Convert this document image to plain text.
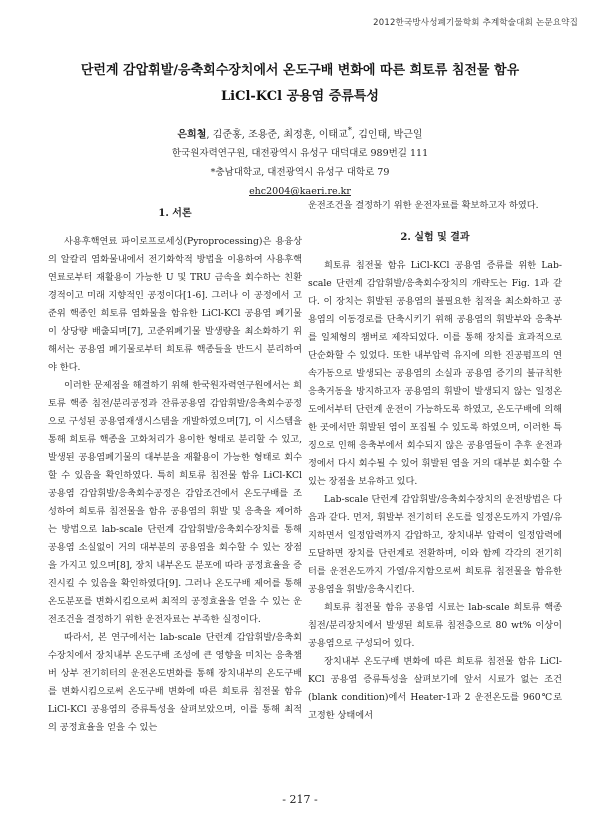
2012한국방사성폐기물학회 추계학술대회 논문요약집
단런계 감압휘발/응축회수장치에서 온도구배 변화에 따른 희토류 침전물 함유
LiCl-KCl 공용염 증류특성
은희철, 김준홍, 조용준, 최정훈, 이태교*, 김인태, 박근일
한국원자력연구원, 대전광역시 유성구 대덕대로 989번길 111
*충남대학교, 대전광역시 유성구 대학로 79
ehc2004@kaeri.re.kr

1. 서론

사용후핵연료 파이로프로세싱(Pyroprocessing)은 용융상의 알칼리 염화물내에서 전기화학적 방법을 이용하여 사용후핵연료로부터 재활용이 가능한 U 및 TRU 금속을 회수하는 친환경적이고 미래 지향적인 공정이다[1-6]. 그러나 이 공정에서 고준위 핵종인 희토류 염화물을 함유한 LiCl-KCl 공용염 폐기물이 상당량 배출되며[7], 고준위폐기물 발생량을 최소화하기 위해서는 공용염 폐기물로부터 희토류 핵종들을 반드시 분리하여야 한다.

이러한 문제점을 해결하기 위해 한국원자력연구원에서는 희토류 핵종 침전/분리공정과 잔류공용염 감압휘발/응축회수공정으로 구성된 공용염재생시스템을 개발하였으며[7], 이 시스템을 통해 희토류 핵종을 고화처리가 용이한 형태로 분리할 수 있고, 발생된 공용염폐기물의 대부분을 재활용이 가능한 형태로 회수할 수 있음을 확인하였다. 특히 희토류 침전물 함유 LiCl-KCl 공용염 감압휘발/응축회수공정은 감압조건에서 온도구배를 조성하여 희토류 침전물을 함유 공용염의 휘발 및 응축을 제어하는 방법으로 lab-scale 단런계 감압휘발/응축회수장치를 통해 공용염 소실없이 거의 대부분의 공용염을 회수할 수 있는 장점을 가지고 있으며[8], 장치 내부온도 분포에 따라 공정효율을 증진시킬 수 있음을 확인하였다[9]. 그러나 온도구배 제어를 통해 온도분포를 변화시킴으로써 최적의 공정효율을 얻을 수 있는 운전조건을 결정하기 위한 운전자료는 부족한 실정이다.

따라서, 본 연구에서는 lab-scale 단런계 감압휘발/응축회수장치에서 장치내부 온도구배 조성에 큰 영향을 미치는 응축챔버 상부 전기히터의 운전온도변화를 통해 장치내부의 온도구배를 변화시킴으로써 온도구배 변화에 따른 희토류 침전물 함유 LiCl-KCl 공용염의 증류특성을 살펴보았으며, 이를 통해 최적의 공정효율을 얻을 수 있는

운전조건을 결정하기 위한 운전자료를 확보하고자 하였다.

2. 실험 및 결과

희토류 침전물 함유 LiCl-KCl 공용염 증류를 위한 Lab-scale 단런계 감압휘발/응축회수장치의 개략도는 Fig. 1과 같다. 이 장치는 휘발된 공용염의 불필요한 침적을 최소화하고 공용염의 이동경로를 단축시키기 위해 공용염의 휘발부와 응축부를 일체형의 챔버로 제작되었다. 이를 통해 장치를 효과적으로 단순화할 수 있었다. 또한 내부압력 유지에 의한 진공펌프의 연속가동으로 발생되는 공용염의 소실과 공용염 증기의 불규칙한 응축거동을 방지하고자 공용염의 휘발이 발생되지 않는 일정온도에서부터 단런계 운전이 가능하도록 하였고, 온도구배에 의해 한 곳에서만 휘발된 염이 포집될 수 있도록 하였으며, 이러한 특징으로 인해 응축부에서 회수되지 않은 공용염들이 추후 운전과정에서 다시 회수될 수 있어 휘발된 염을 거의 대부분 회수할 수 있는 장점을 보유하고 있다.

Lab-scale 단런계 감압휘발/응축회수장치의 운전방법은 다음과 같다. 먼저, 휘발부 전기히터 온도를 일정온도까지 가열/유지하면서 일정압력까지 감압하고, 장치내부 압력이 일정압력에 도달하면 장치를 단런계로 전환하며, 이와 함께 각각의 전기히터를 운전온도까지 가열/유지함으로써 희토류 침전물을 함유한 공용염을 휘발/응축시킨다.

희토류 침전물 함유 공용염 시료는 lab-scale 희토류 핵종 침전/분리장치에서 발생된 희토류 침전층으로 80 wt% 이상이 공용염으로 구성되어 있다.

장치내부 온도구배 변화에 따른 희토류 침전물 함유 LiCl-KCl 공용염 증류특성을 살펴보기에 앞서 시료가 없는 조건(blank condition)에서 Heater-1과 2 운전온도를 960℃로 고정한 상태에서

- 217 -
